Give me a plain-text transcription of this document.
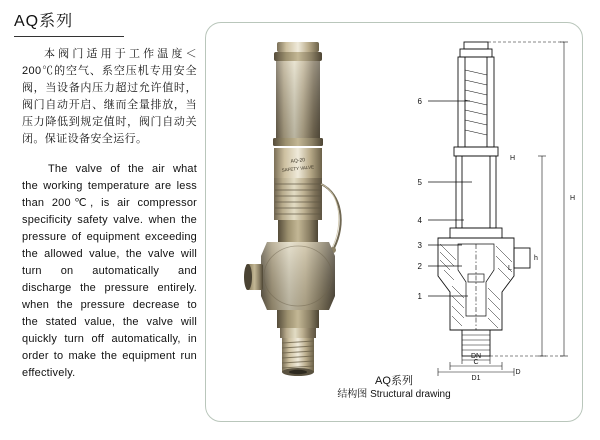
AQ系列

本阀门适用于工作温度＜200℃的空气、系空压机专用安全阀，当设备内压力超过允许值时，阀门自动开启、继而全量排放，当压力降低到规定值时，阀门自动关闭。保证设备安全运行。

The valve of the air what the working temperature are less than 200℃, is air compressor specificity safety valve. when the pressure of equipment exceeding the allowed value, the valve will turn on automatically and discharge the pressure entirely. when the pressure decrease to the stated value, the valve will quickly turn off automatically, in order to make the equipment run effectively.

AQ-20
SAFETY VALVE
6
5
4
3
2
1
L
H
h
DN
C
D1
D
H
AQ系列
结构图 Structural drawing
